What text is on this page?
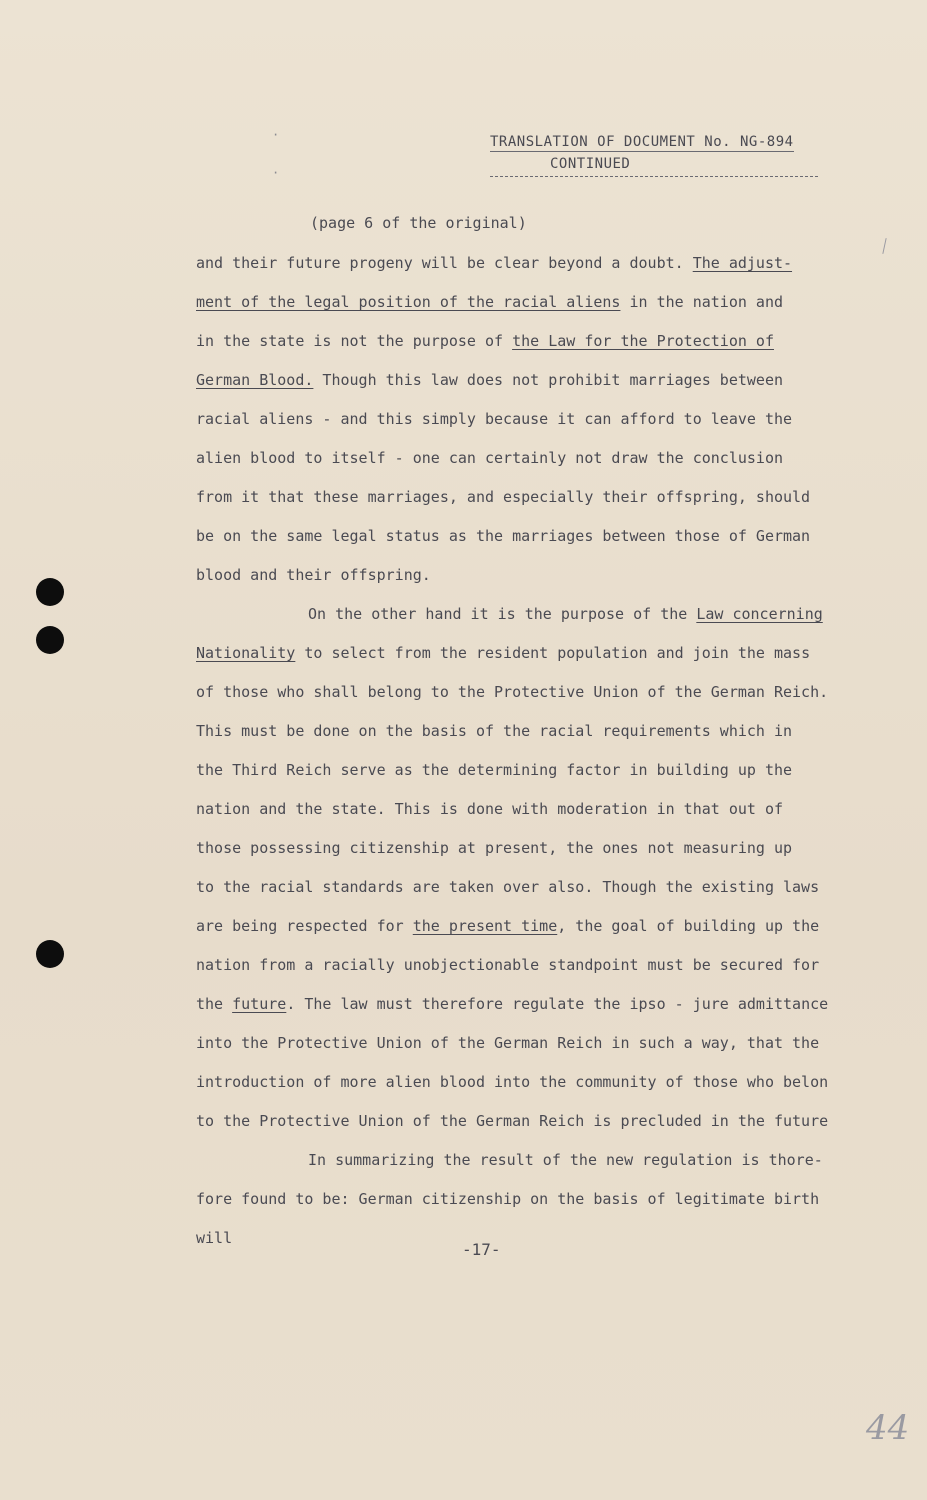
·
·
TRANSLATION OF DOCUMENT No. NG-894
CONTINUED
(page 6 of the original)
and their future progeny will be clear beyond a doubt. The adjust-
ment of the legal position of the racial aliens in the nation and
in the state is not the purpose of the Law for the Protection of
German Blood. Though this law does not prohibit marriages between
racial aliens - and this simply because it can afford to leave the
alien blood to itself - one can certainly not draw the conclusion
from it that these marriages, and especially their offspring, should
be on the same legal status as the marriages between those of German
blood and their offspring.
On the other hand it is the purpose of the Law concerning
Nationality to select from the resident population and join the mass
of those who shall belong to the Protective Union of the German Reich.
This must be done on the basis of the racial requirements which in
the Third Reich serve as the determining factor in building up the
nation and the state. This is done with moderation in that out of
those possessing citizenship at present, the ones not measuring up
to the racial standards are taken over also. Though the existing laws
are being respected for the present time, the goal of building up the
nation from a racially unobjectionable standpoint must be secured for
the future. The law must therefore regulate the ipso - jure admittance
into the Protective Union of the German Reich in such a way, that the
introduction of more alien blood into the community of those who belon
to the Protective Union of the German Reich is precluded in the future
In summarizing the result of the new regulation is thore-
fore found to be: German citizenship on the basis of legitimate birth
will
-17-
44
